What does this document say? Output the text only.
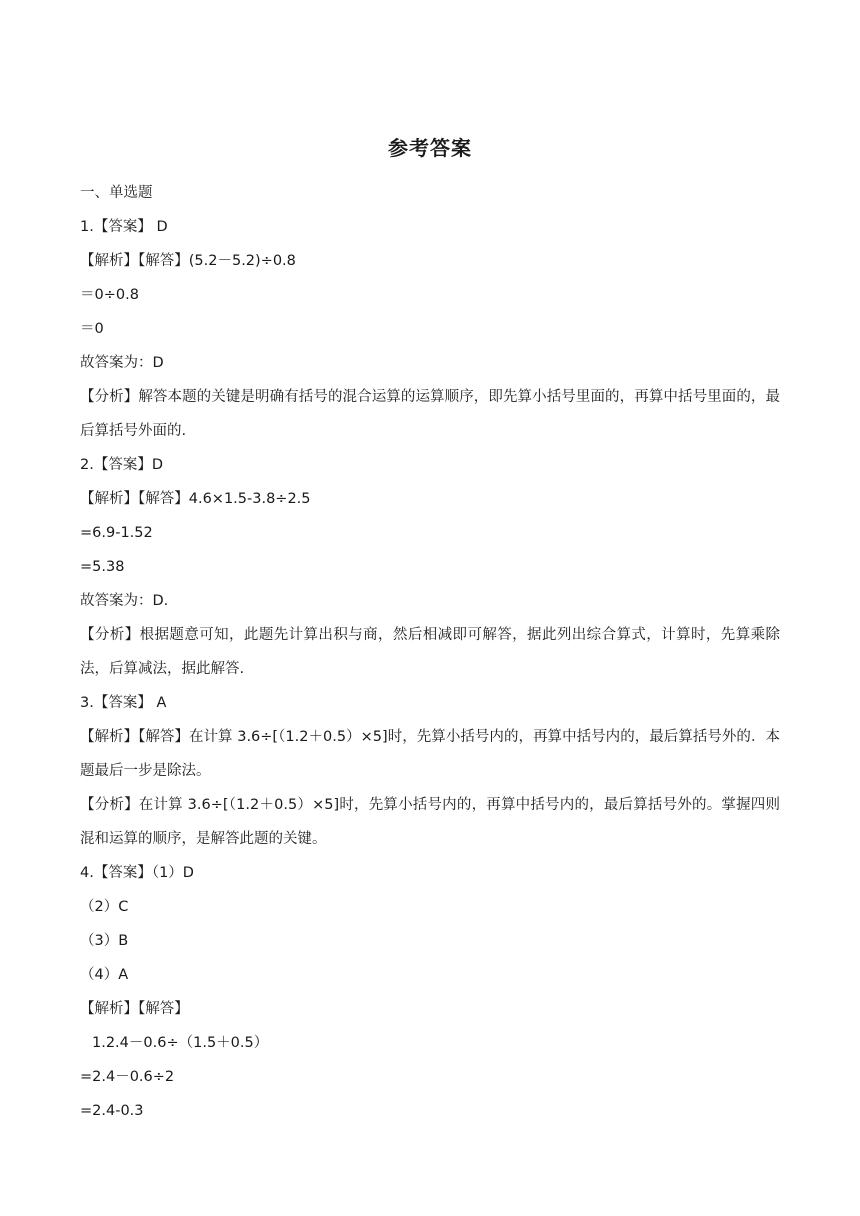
参考答案
一、单选题
1.【答案】 D
【解析】【解答】(5.2－5.2)÷0.8
＝0÷0.8
＝0
故答案为：D
【分析】解答本题的关键是明确有括号的混合运算的运算顺序，即先算小括号里面的，再算中括号里面的，最后算括号外面的.
2.【答案】D
【解析】【解答】4.6×1.5-3.8÷2.5
=6.9-1.52
=5.38
故答案为：D.
【分析】根据题意可知，此题先计算出积与商，然后相减即可解答，据此列出综合算式，计算时，先算乘除法，后算减法，据此解答.
3.【答案】 A
【解析】【解答】在计算 3.6÷[（1.2＋0.5）×5]时，先算小括号内的，再算中括号内的，最后算括号外的．本题最后一步是除法。
【分析】在计算 3.6÷[（1.2＋0.5）×5]时，先算小括号内的，再算中括号内的，最后算括号外的。掌握四则混和运算的顺序，是解答此题的关键。
4.【答案】（1）D
（2）C
（3）B
（4）A
【解析】【解答】
1.2.4－0.6÷（1.5＋0.5）
=2.4－0.6÷2
=2.4-0.3
